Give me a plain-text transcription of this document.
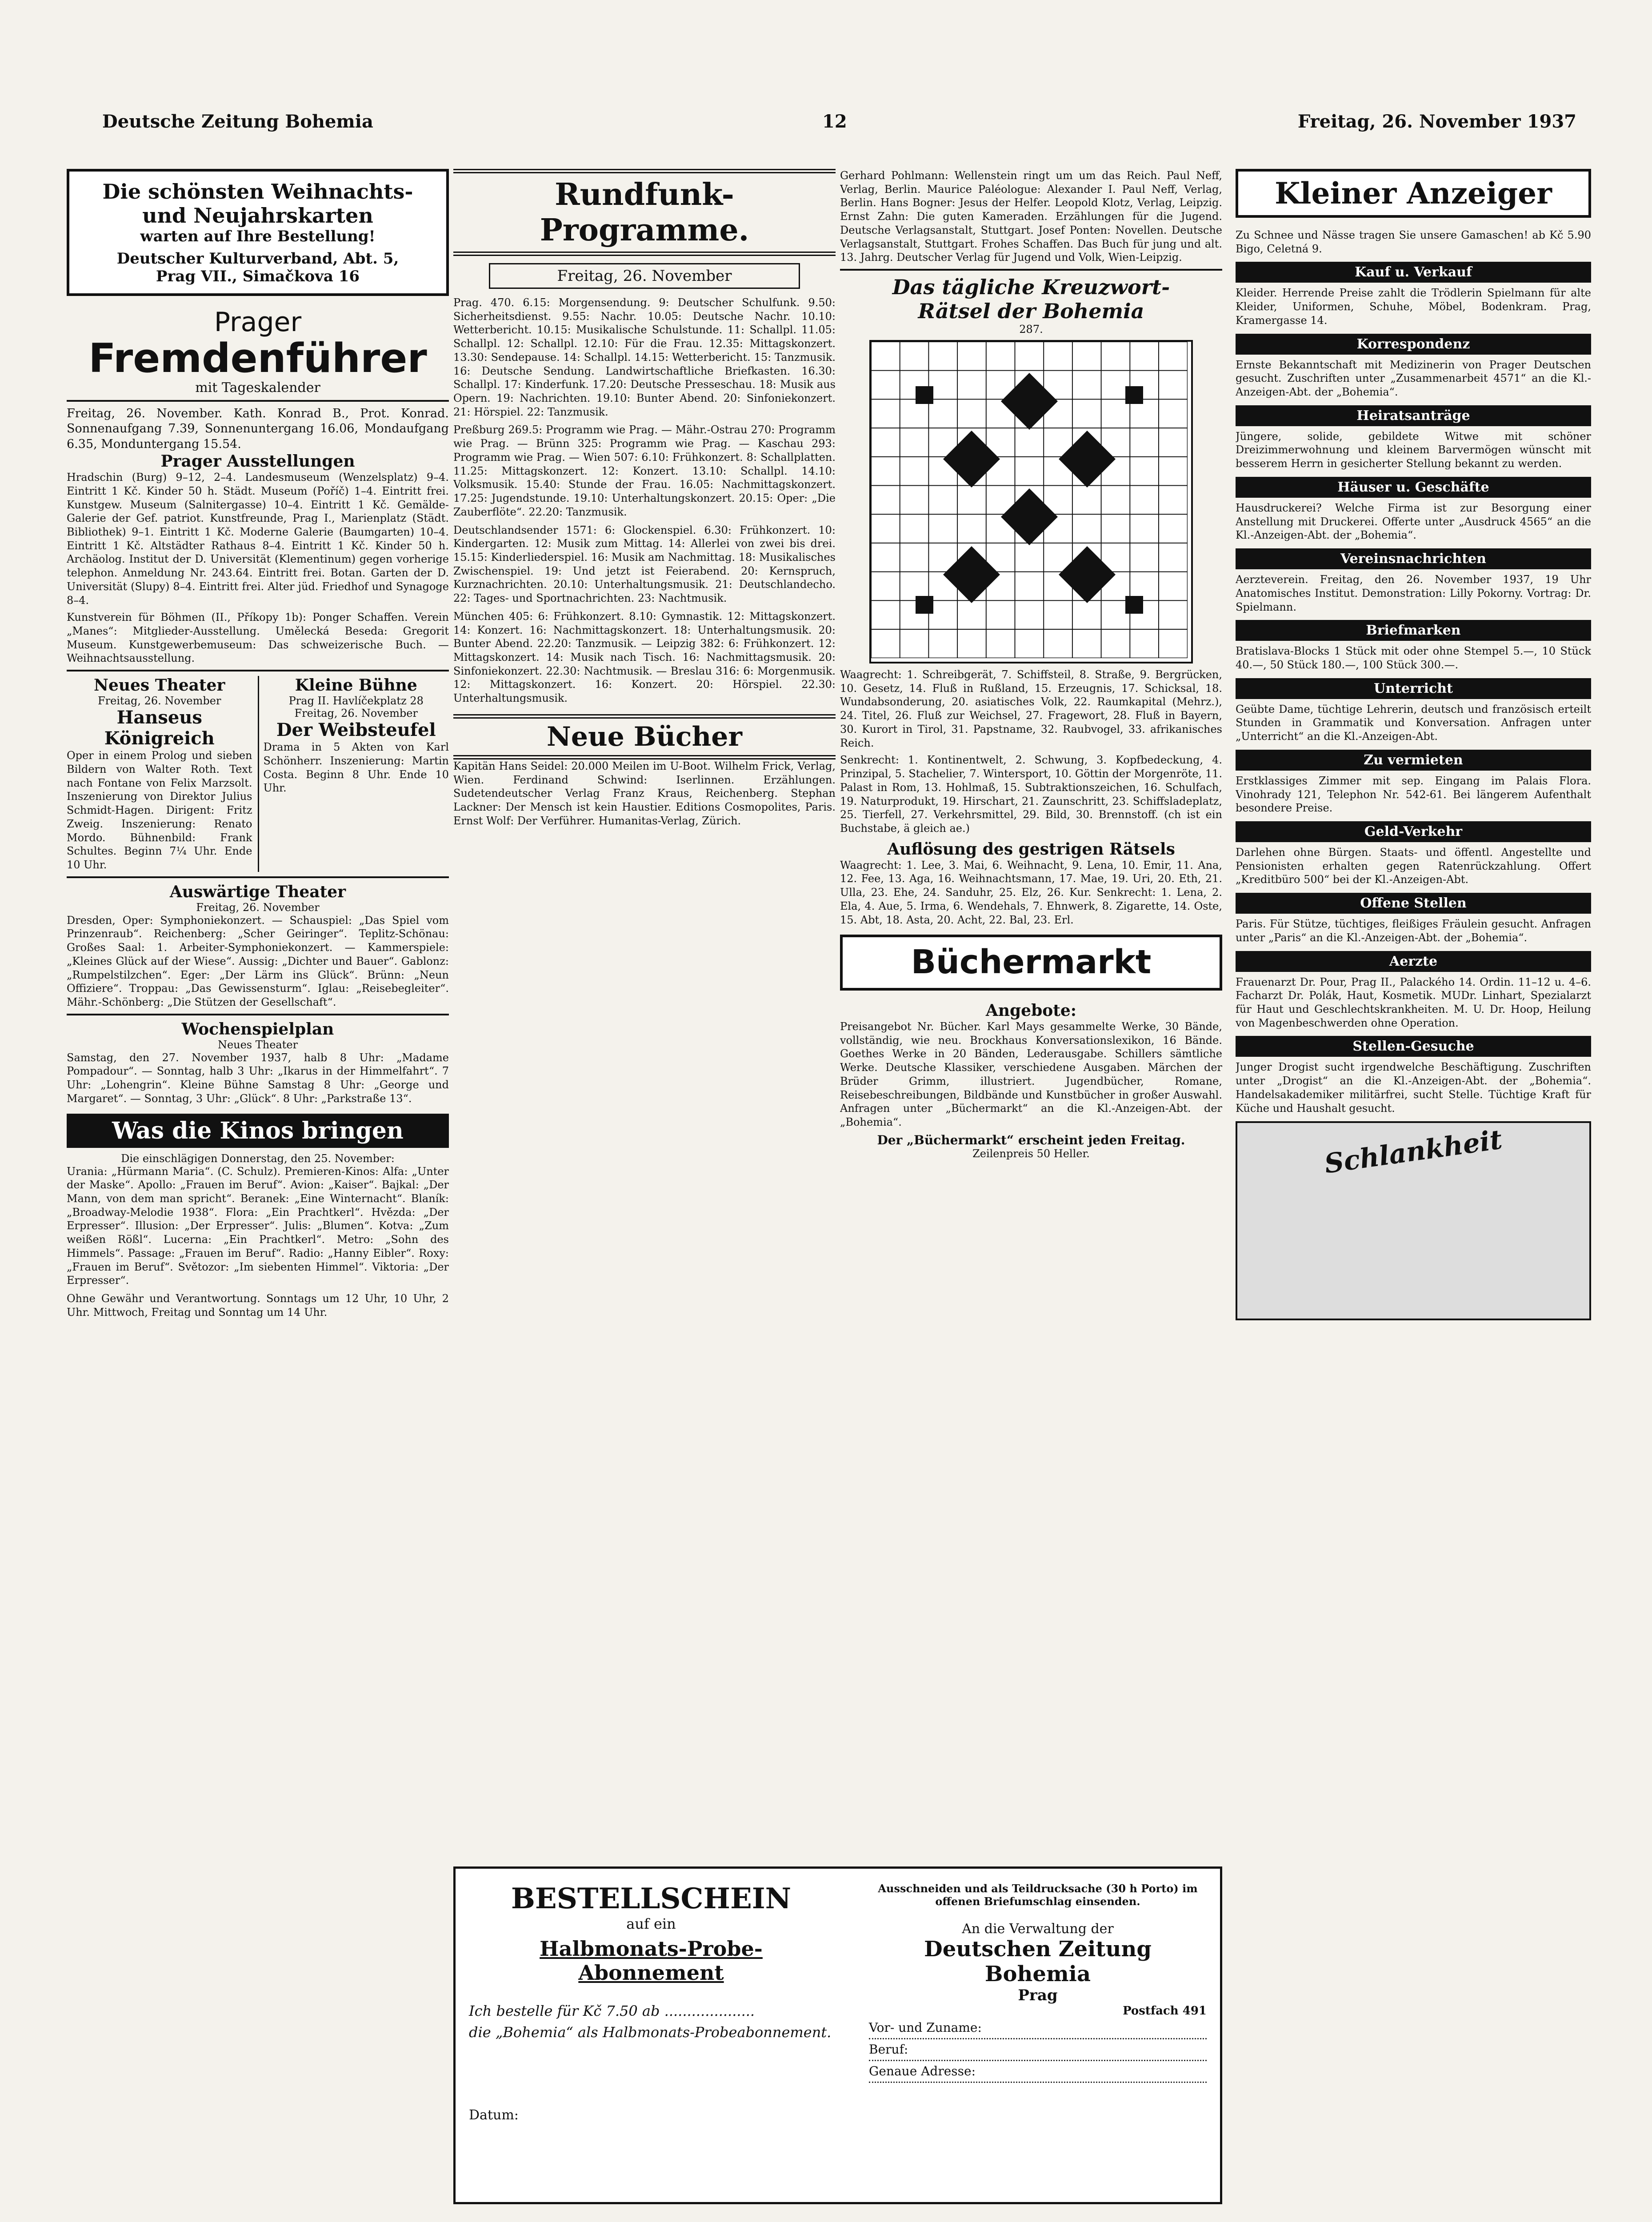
Deutsche Zeitung Bohemia	12	Freitag, 26. November 1937
Die schönsten Weihnachts-
und Neujahrskarten
warten auf Ihre Bestellung!
Deutscher Kulturverband, Abt. 5,
Prag VII., Simačkova 16
Prager
Fremdenführer
mit Tageskalender
Freitag, 26. November. Kath. Konrad B., Prot. Konrad. Sonnenaufgang 7.39, Sonnenuntergang 16.06, Mondaufgang 6.35, Monduntergang 15.54.
Prager Ausstellungen
Hradschin (Burg) 9–12, 2–4. Landesmuseum (Wenzelsplatz) 9–4. Eintritt 1 Kč. Kinder 50 h. Städt. Museum (Poříč) 1–4. Eintritt frei. Kunstgew. Museum (Salnitergasse) 10–4. Eintritt 1 Kč. Gemälde-Galerie der Gef. patriot. Kunstfreunde, Prag I., Marienplatz (Städt. Bibliothek) 9–1. Eintritt 1 Kč. Moderne Galerie (Baumgarten) 10–4. Eintritt 1 Kč. Altstädter Rathaus 8–4. Eintritt 1 Kč. Kinder 50 h. Archäolog. Institut der D. Universität (Klementinum) gegen vorherige telephon. Anmeldung Nr. 243.64. Eintritt frei. Botan. Garten der D. Universität (Slupy) 8–4. Eintritt frei. Alter jüd. Friedhof und Synagoge 8–4.
Kunstverein für Böhmen (II., Příkopy 1b): Ponger Schaffen. Verein „Manes“: Mitglieder-Ausstellung. Umělecká Beseda: Gregorit Museum. Kunstgewerbemuseum: Das schweizerische Buch. — Weihnachtsausstellung.
Neues Theater
Freitag, 26. November
Hanseus Königreich
Oper in einem Prolog und sieben Bildern von Walter Roth. Text nach Fontane von Felix Marzsolt. Inszenierung von Direktor Julius Schmidt-Hagen. Dirigent: Fritz Zweig. Inszenierung: Renato Mordo. Bühnenbild: Frank Schultes. Beginn 7¼ Uhr. Ende 10 Uhr.
Kleine Bühne
Prag II. Havlíčekplatz 28
Freitag, 26. November
Der Weibsteufel
Drama in 5 Akten von Karl Schönherr. Inszenierung: Martin Costa. Beginn 8 Uhr. Ende 10 Uhr.
Auswärtige Theater
Freitag, 26. November
Dresden, Oper: Symphoniekonzert. — Schauspiel: „Das Spiel vom Prinzenraub“. Reichenberg: „Scher Geiringer“. Teplitz-Schönau: Großes Saal: 1. Arbeiter-Symphoniekonzert. — Kammerspiele: „Kleines Glück auf der Wiese“. Aussig: „Dichter und Bauer“. Gablonz: „Rumpelstilzchen“. Eger: „Der Lärm ins Glück“. Brünn: „Neun Offiziere“. Troppau: „Das Gewissensturm“. Iglau: „Reisebegleiter“. Mähr.-Schönberg: „Die Stützen der Gesellschaft“.
Wochenspielplan
Neues Theater
Samstag, den 27. November 1937, halb 8 Uhr: „Madame Pompadour“. — Sonntag, halb 3 Uhr: „Ikarus in der Himmelfahrt“. 7 Uhr: „Lohengrin“. Kleine Bühne Samstag 8 Uhr: „George und Margaret“. — Sonntag, 3 Uhr: „Glück“. 8 Uhr: „Parkstraße 13“.
Was die Kinos bringen
Die einschlägigen Donnerstag, den 25. November:
Urania: „Hürmann Maria“. (C. Schulz). Premieren-Kinos: Alfa: „Unter der Maske“. Apollo: „Frauen im Beruf“. Avion: „Kaiser“. Bajkal: „Der Mann, von dem man spricht“. Beranek: „Eine Winternacht“. Blaník: „Broadway-Melodie 1938“. Flora: „Ein Prachtkerl“. Hvězda: „Der Erpresser“. Illusion: „Der Erpresser“. Julis: „Blumen“. Kotva: „Zum weißen Rößl“. Lucerna: „Ein Prachtkerl“. Metro: „Sohn des Himmels“. Passage: „Frauen im Beruf“. Radio: „Hanny Eibler“. Roxy: „Frauen im Beruf“. Světozor: „Im siebenten Himmel“. Viktoria: „Der Erpresser“.
Ohne Gewähr und Verantwortung. Sonntags um 12 Uhr, 10 Uhr, 2 Uhr. Mittwoch, Freitag und Sonntag um 14 Uhr.
Rundfunk-Programme.
Freitag, 26. November
Prag. 470. 6.15: Morgensendung. 9: Deutscher Schulfunk. 9.50: Sicherheitsdienst. 9.55: Nachr. 10.05: Deutsche Nachr. 10.10: Wetterbericht. 10.15: Musikalische Schulstunde. 11: Schallpl. 11.05: Schallpl. 12: Schallpl. 12.10: Für die Frau. 12.35: Mittagskonzert. 13.30: Sendepause. 14: Schallpl. 14.15: Wetterbericht. 15: Tanzmusik. 16: Deutsche Sendung. Landwirtschaftliche Briefkasten. 16.30: Schallpl. 17: Kinderfunk. 17.20: Deutsche Presseschau. 18: Musik aus Opern. 19: Nachrichten. 19.10: Bunter Abend. 20: Sinfoniekonzert. 21: Hörspiel. 22: Tanzmusik.
Preßburg 269.5: Programm wie Prag. — Mähr.-Ostrau 270: Programm wie Prag. — Brünn 325: Programm wie Prag. — Kaschau 293: Programm wie Prag. — Wien 507: 6.10: Frühkonzert. 8: Schallplatten. 11.25: Mittagskonzert. 12: Konzert. 13.10: Schallpl. 14.10: Volksmusik. 15.40: Stunde der Frau. 16.05: Nachmittagskonzert. 17.25: Jugendstunde. 19.10: Unterhaltungskonzert. 20.15: Oper: „Die Zauberflöte“. 22.20: Tanzmusik.
Deutschlandsender 1571: 6: Glockenspiel. 6.30: Frühkonzert. 10: Kindergarten. 12: Musik zum Mittag. 14: Allerlei von zwei bis drei. 15.15: Kinderliederspiel. 16: Musik am Nachmittag. 18: Musikalisches Zwischenspiel. 19: Und jetzt ist Feierabend. 20: Kernspruch, Kurznachrichten. 20.10: Unterhaltungsmusik. 21: Deutschlandecho. 22: Tages- und Sportnachrichten. 23: Nachtmusik.
München 405: 6: Frühkonzert. 8.10: Gymnastik. 12: Mittagskonzert. 14: Konzert. 16: Nachmittagskonzert. 18: Unterhaltungsmusik. 20: Bunter Abend. 22.20: Tanzmusik. — Leipzig 382: 6: Frühkonzert. 12: Mittagskonzert. 14: Musik nach Tisch. 16: Nachmittagsmusik. 20: Sinfoniekonzert. 22.30: Nachtmusik. — Breslau 316: 6: Morgenmusik. 12: Mittagskonzert. 16: Konzert. 20: Hörspiel. 22.30: Unterhaltungsmusik.
Neue Bücher
Kapitän Hans Seidel: 20.000 Meilen im U-Boot. Wilhelm Frick, Verlag, Wien. Ferdinand Schwind: Iserlinnen. Erzählungen. Sudetendeutscher Verlag Franz Kraus, Reichenberg. Stephan Lackner: Der Mensch ist kein Haustier. Editions Cosmopolites, Paris. Ernst Wolf: Der Verführer. Humanitas-Verlag, Zürich.
Gerhard Pohlmann: Wellenstein ringt um um das Reich. Paul Neff, Verlag, Berlin. Maurice Paléologue: Alexander I. Paul Neff, Verlag, Berlin. Hans Bogner: Jesus der Helfer. Leopold Klotz, Verlag, Leipzig. Ernst Zahn: Die guten Kameraden. Erzählungen für die Jugend. Deutsche Verlagsanstalt, Stuttgart. Josef Ponten: Novellen. Deutsche Verlagsanstalt, Stuttgart. Frohes Schaffen. Das Buch für jung und alt. 13. Jahrg. Deutscher Verlag für Jugend und Volk, Wien-Leipzig.
Das tägliche Kreuzwort-
Rätsel der Bohemia
287.
Waagrecht: 1. Schreibgerät, 7. Schiffsteil, 8. Straße, 9. Bergrücken, 10. Gesetz, 14. Fluß in Rußland, 15. Erzeugnis, 17. Schicksal, 18. Wundabsonderung, 20. asiatisches Volk, 22. Raumkapital (Mehrz.), 24. Titel, 26. Fluß zur Weichsel, 27. Fragewort, 28. Fluß in Bayern, 30. Kurort in Tirol, 31. Papstname, 32. Raubvogel, 33. afrikanisches Reich.
Senkrecht: 1. Kontinentwelt, 2. Schwung, 3. Kopfbedeckung, 4. Prinzipal, 5. Stachelier, 7. Wintersport, 10. Göttin der Morgenröte, 11. Palast in Rom, 13. Hohlmaß, 15. Subtraktionszeichen, 16. Schulfach, 19. Naturprodukt, 19. Hirschart, 21. Zaunschritt, 23. Schiffsladeplatz, 25. Tierfell, 27. Verkehrsmittel, 29. Bild, 30. Brennstoff. (ch ist ein Buchstabe, ä gleich ae.)
Auflösung des gestrigen Rätsels
Waagrecht: 1. Lee, 3. Mai, 6. Weihnacht, 9. Lena, 10. Emir, 11. Ana, 12. Fee, 13. Aga, 16. Weihnachtsmann, 17. Mae, 19. Uri, 20. Eth, 21. Ulla, 23. Ehe, 24. Sanduhr, 25. Elz, 26. Kur. Senkrecht: 1. Lena, 2. Ela, 4. Aue, 5. Irma, 6. Wendehals, 7. Ehnwerk, 8. Zigarette, 14. Oste, 15. Abt, 18. Asta, 20. Acht, 22. Bal, 23. Erl.
Büchermarkt
Angebote:
Preisangebot Nr. Bücher. Karl Mays gesammelte Werke, 30 Bände, vollständig, wie neu. Brockhaus Konversationslexikon, 16 Bände. Goethes Werke in 20 Bänden, Lederausgabe. Schillers sämtliche Werke. Deutsche Klassiker, verschiedene Ausgaben. Märchen der Brüder Grimm, illustriert. Jugendbücher, Romane, Reisebeschreibungen, Bildbände und Kunstbücher in großer Auswahl. Anfragen unter „Büchermarkt“ an die Kl.-Anzeigen-Abt. der „Bohemia“.
Der „Büchermarkt“ erscheint jeden Freitag.
Zeilenpreis 50 Heller.
Kleiner Anzeiger
Zu Schnee und Nässe tragen Sie unsere Gamaschen! ab Kč 5.90 Bigo, Celetná 9.
Kauf u. Verkauf
Kleider. Herrende Preise zahlt die Trödlerin Spielmann für alte Kleider, Uniformen, Schuhe, Möbel, Bodenkram. Prag, Kramergasse 14.
Korrespondenz
Ernste Bekanntschaft mit Medizinerin von Prager Deutschen gesucht. Zuschriften unter „Zusammenarbeit 4571“ an die Kl.-Anzeigen-Abt. der „Bohemia“.
Heiratsanträge
Jüngere, solide, gebildete Witwe mit schöner Dreizimmerwohnung und kleinem Barvermögen wünscht mit besserem Herrn in gesicherter Stellung bekannt zu werden.
Häuser u. Geschäfte
Hausdruckerei? Welche Firma ist zur Besorgung einer Anstellung mit Druckerei. Offerte unter „Ausdruck 4565“ an die Kl.-Anzeigen-Abt. der „Bohemia“.
Vereinsnachrichten
Aerzteverein. Freitag, den 26. November 1937, 19 Uhr Anatomisches Institut. Demonstration: Lilly Pokorny. Vortrag: Dr. Spielmann.
Briefmarken
Bratislava-Blocks 1 Stück mit oder ohne Stempel 5.—, 10 Stück 40.—, 50 Stück 180.—, 100 Stück 300.—.
Unterricht
Geübte Dame, tüchtige Lehrerin, deutsch und französisch erteilt Stunden in Grammatik und Konversation. Anfragen unter „Unterricht“ an die Kl.-Anzeigen-Abt.
Zu vermieten
Erstklassiges Zimmer mit sep. Eingang im Palais Flora. Vinohrady 121, Telephon Nr. 542-61. Bei längerem Aufenthalt besondere Preise.
Geld-Verkehr
Darlehen ohne Bürgen. Staats- und öffentl. Angestellte und Pensionisten erhalten gegen Ratenrückzahlung. Offert „Kreditbüro 500“ bei der Kl.-Anzeigen-Abt.
Offene Stellen
Paris. Für Stütze, tüchtiges, fleißiges Fräulein gesucht. Anfragen unter „Paris“ an die Kl.-Anzeigen-Abt. der „Bohemia“.
Aerzte
Frauenarzt Dr. Pour, Prag II., Palackého 14. Ordin. 11–12 u. 4–6. Facharzt Dr. Polák, Haut, Kosmetik. MUDr. Linhart, Spezialarzt für Haut und Geschlechtskrankheiten. M. U. Dr. Hoop, Heilung von Magenbeschwerden ohne Operation.
Stellen-Gesuche
Junger Drogist sucht irgendwelche Beschäftigung. Zuschriften unter „Drogist“ an die Kl.-Anzeigen-Abt. der „Bohemia“. Handelsakademiker militärfrei, sucht Stelle. Tüchtige Kraft für Küche und Haushalt gesucht.
Schlankheit
BESTELLSCHEIN
auf ein
Halbmonats-Probe-Abonnement
Ich bestelle für Kč 7.50 ab ....................
die „Bohemia“ als Halbmonats-Probeabonnement.
Datum:
Ausschneiden und als Teildrucksache (30 h Porto) im offenen Briefumschlag einsenden.
An die Verwaltung der
Deutschen Zeitung Bohemia
Prag
Postfach 491
Vor- und Zuname:
Beruf:
Genaue Adresse:
